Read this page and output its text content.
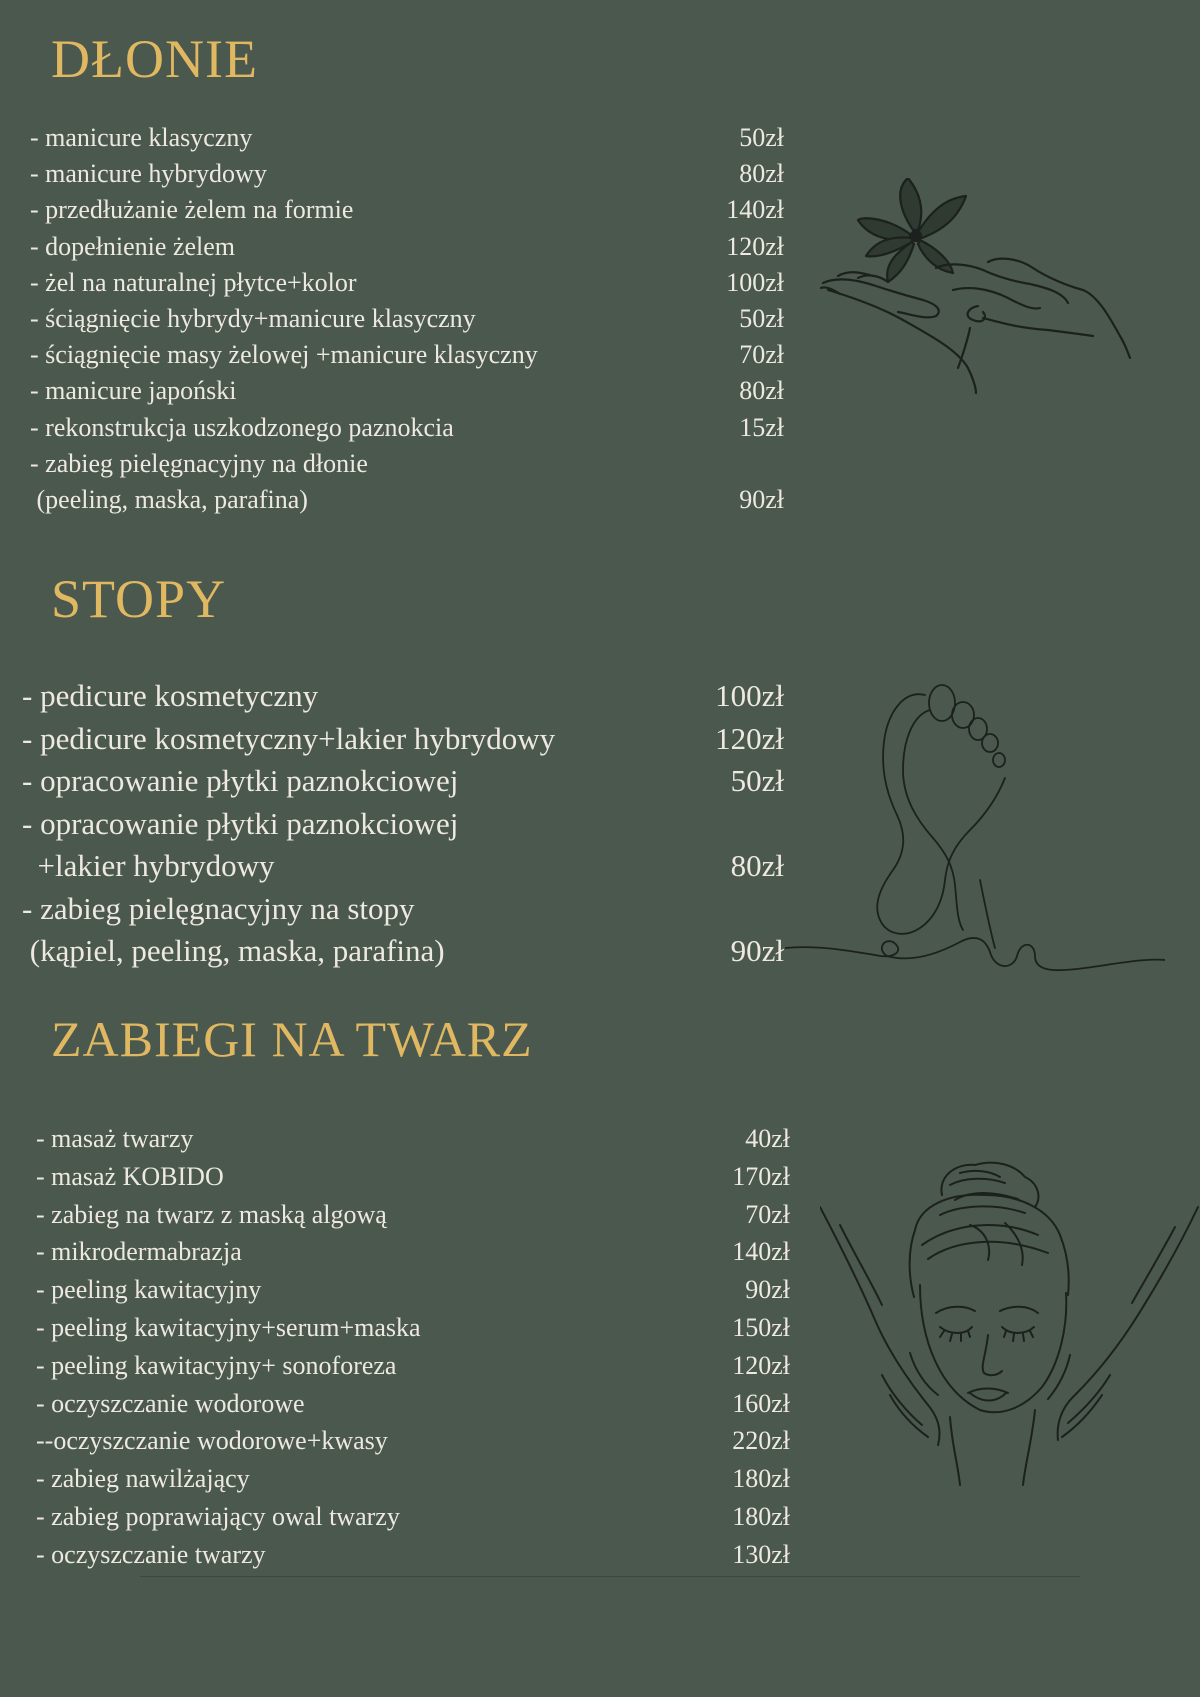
DŁONIE
- manicure klasyczny	50zł
- manicure hybrydowy	80zł
- przedłużanie żelem na formie	140zł
- dopełnienie żelem	120zł
- żel na naturalnej płytce+kolor	100zł
- ściągnięcie hybrydy+manicure klasyczny	50zł
- ściągnięcie masy żelowej +manicure klasyczny	70zł
- manicure japoński	80zł
- rekonstrukcja uszkodzonego paznokcia	15zł
- zabieg pielęgnacyjny na dłonie
(peeling, maska, parafina)	90zł
STOPY
- pedicure kosmetyczny	100zł
- pedicure kosmetyczny+lakier hybrydowy	120zł
- opracowanie płytki paznokciowej	50zł
- opracowanie płytki paznokciowej
+lakier hybrydowy	80zł
- zabieg pielęgnacyjny na stopy
(kąpiel, peeling, maska, parafina)	90zł
ZABIEGI NA TWARZ
- masaż twarzy	40zł
- masaż KOBIDO	170zł
- zabieg na twarz z maską algową	70zł
- mikrodermabrazja	140zł
- peeling kawitacyjny	90zł
- peeling kawitacyjny+serum+maska	150zł
- peeling kawitacyjny+ sonoforeza	120zł
- oczyszczanie wodorowe	160zł
--oczyszczanie wodorowe+kwasy	220zł
- zabieg nawilżający	180zł
- zabieg poprawiający owal twarzy	180zł
- oczyszczanie twarzy	130zł
